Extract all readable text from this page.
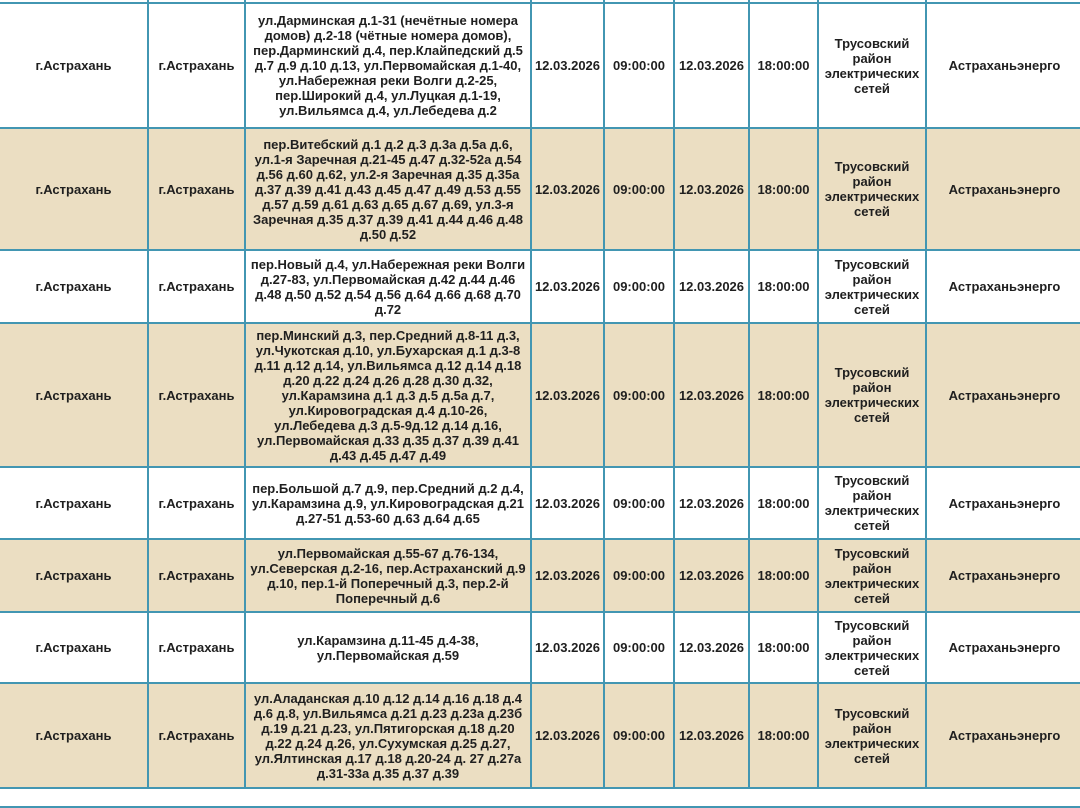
г.Астрахань	г.Астрахань	ул.Дарминская д.1-31 (нечётные номера домов) д.2-18 (чётные номера домов), пер.Дарминский д.4, пер.Клайпедский д.5 д.7 д.9 д.10 д.13, ул.Первомайская д.1-40, ул.Набережная реки Волги д.2-25, пер.Широкий д.4, ул.Луцкая д.1-19, ул.Вильямса д.4, ул.Лебедева д.2	12.03.2026	09:00:00	12.03.2026	18:00:00	Трусовский район электрических сетей	Астраханьэнерго
г.Астрахань	г.Астрахань	пер.Витебский д.1 д.2 д.3 д.3а д.5а д.6, ул.1-я Заречная д.21-45 д.47 д.32-52а д.54 д.56 д.60 д.62, ул.2-я Заречная д.35 д.35а д.37 д.39 д.41 д.43 д.45 д.47 д.49 д.53 д.55 д.57 д.59 д.61 д.63 д.65 д.67 д.69, ул.3-я Заречная д.35 д.37 д.39 д.41 д.44 д.46 д.48 д.50 д.52	12.03.2026	09:00:00	12.03.2026	18:00:00	Трусовский район электрических сетей	Астраханьэнерго
г.Астрахань	г.Астрахань	пер.Новый д.4, ул.Набережная реки Волги д.27-83, ул.Первомайская д.42 д.44 д.46 д.48 д.50 д.52 д.54 д.56 д.64 д.66 д.68 д.70 д.72	12.03.2026	09:00:00	12.03.2026	18:00:00	Трусовский район электрических сетей	Астраханьэнерго
г.Астрахань	г.Астрахань	пер.Минский д.3, пер.Средний д.8-11 д.3, ул.Чукотская д.10, ул.Бухарская д.1 д.3-8 д.11 д.12 д.14, ул.Вильямса д.12 д.14 д.18 д.20 д.22 д.24 д.26 д.28 д.30 д.32, ул.Карамзина д.1 д.3 д.5 д.5а д.7, ул.Кировоградская д.4 д.10-26, ул.Лебедева д.3 д.5-9д.12 д.14 д.16, ул.Первомайская д.33 д.35 д.37 д.39 д.41 д.43 д.45 д.47 д.49	12.03.2026	09:00:00	12.03.2026	18:00:00	Трусовский район электрических сетей	Астраханьэнерго
г.Астрахань	г.Астрахань	пер.Большой д.7 д.9, пер.Средний д.2 д.4, ул.Карамзина д.9, ул.Кировоградская д.21 д.27-51 д.53-60 д.63 д.64 д.65	12.03.2026	09:00:00	12.03.2026	18:00:00	Трусовский район электрических сетей	Астраханьэнерго
г.Астрахань	г.Астрахань	ул.Первомайская д.55-67 д.76-134, ул.Северская д.2-16, пер.Астраханский д.9 д.10, пер.1-й Поперечный д.3, пер.2-й Поперечный д.6	12.03.2026	09:00:00	12.03.2026	18:00:00	Трусовский район электрических сетей	Астраханьэнерго
г.Астрахань	г.Астрахань	ул.Карамзина д.11-45 д.4-38, ул.Первомайская д.59	12.03.2026	09:00:00	12.03.2026	18:00:00	Трусовский район электрических сетей	Астраханьэнерго
г.Астрахань	г.Астрахань	ул.Аладанская д.10 д.12 д.14 д.16 д.18 д.4 д.6 д.8, ул.Вильямса д.21 д.23 д.23а д.23б д.19 д.21 д.23, ул.Пятигорская д.18 д.20 д.22 д.24 д.26, ул.Сухумская д.25 д.27, ул.Ялтинская д.17 д.18 д.20-24 д. 27 д.27а д.31-33а д.35 д.37 д.39	12.03.2026	09:00:00	12.03.2026	18:00:00	Трусовский район электрических сетей	Астраханьэнерго
